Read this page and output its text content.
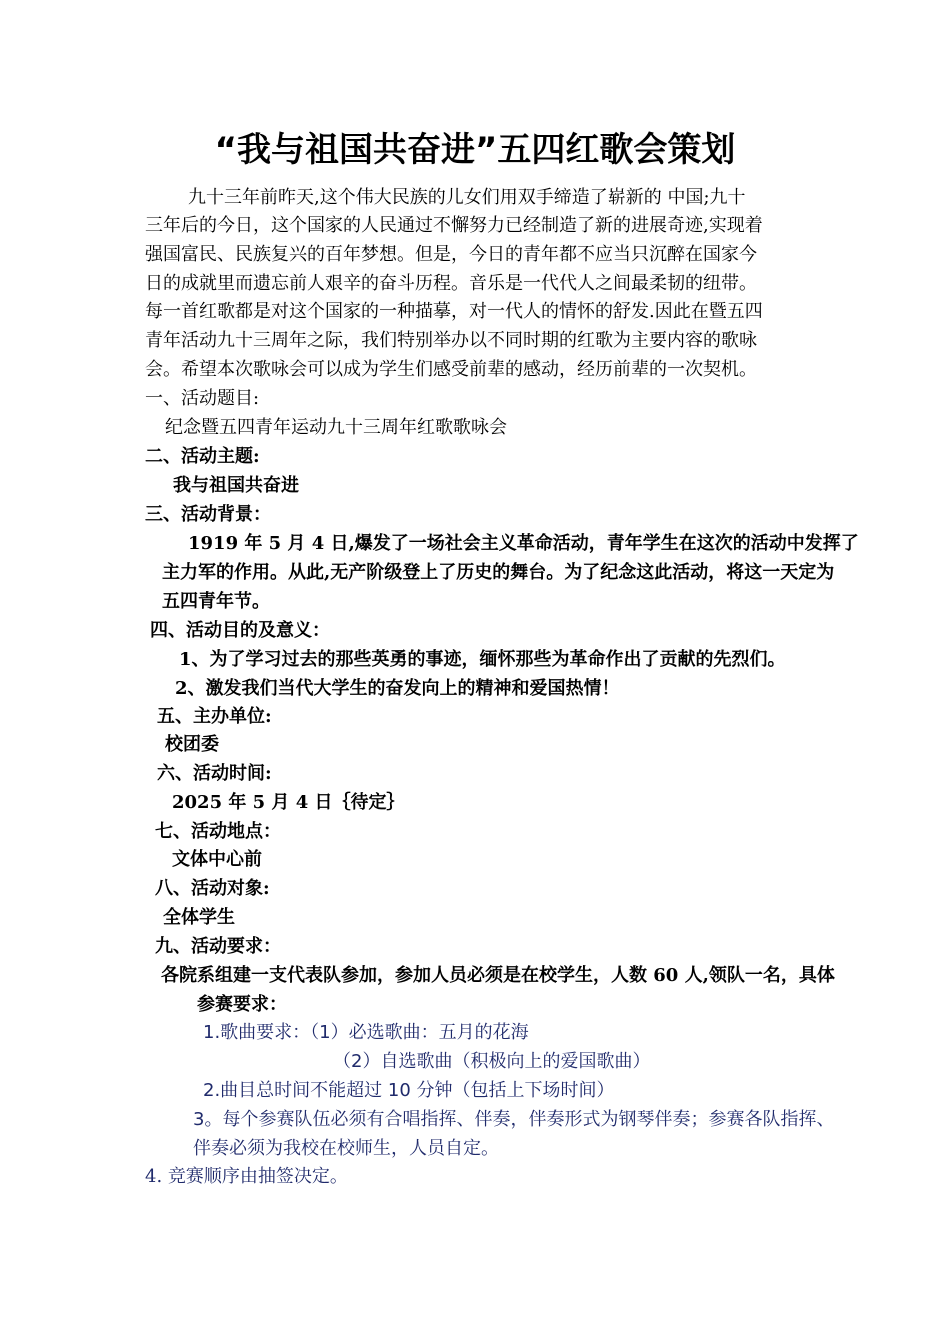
“我与祖国共奋进”五四红歌会策划
九十三年前昨天,这个伟大民族的儿女们用双手缔造了崭新的 中国;九十
三年后的今日，这个国家的人民通过不懈努力已经制造了新的进展奇迹,实现着
强国富民、民族复兴的百年梦想。但是，今日的青年都不应当只沉醉在国家今
日的成就里而遗忘前人艰辛的奋斗历程。音乐是一代代人之间最柔韧的纽带。
每一首红歌都是对这个国家的一种描摹，对一代人的情怀的舒发.因此在暨五四
青年活动九十三周年之际，我们特别举办以不同时期的红歌为主要内容的歌咏
会。希望本次歌咏会可以成为学生们感受前辈的感动，经历前辈的一次契机。
一、活动题目:
纪念暨五四青年运动九十三周年红歌歌咏会
二、活动主题:
我与祖国共奋进
三、活动背景：
1919 年 5 月 4 日,爆发了一场社会主义革命活动，青年学生在这次的活动中发挥了
主力军的作用。从此,无产阶级登上了历史的舞台。为了纪念这此活动，将这一天定为
五四青年节。
四、活动目的及意义：
1、为了学习过去的那些英勇的事迹，缅怀那些为革命作出了贡献的先烈们。
2、激发我们当代大学生的奋发向上的精神和爱国热情！
五、主办单位:
校团委
六、活动时间:
2025 年 5 月 4 日｛待定｝
七、活动地点：
文体中心前
八、活动对象:
全体学生
九、活动要求：
各院系组建一支代表队参加，参加人员必须是在校学生，人数 60 人,领队一名，具体
参赛要求：
1.歌曲要求：（1）必选歌曲：五月的花海
（2）自选歌曲（积极向上的爱国歌曲）
2.曲目总时间不能超过 10 分钟（包括上下场时间）
3。每个参赛队伍必须有合唱指挥、伴奏，伴奏形式为钢琴伴奏；参赛各队指挥、
伴奏必须为我校在校师生，人员自定。
4. 竞赛顺序由抽签决定。
